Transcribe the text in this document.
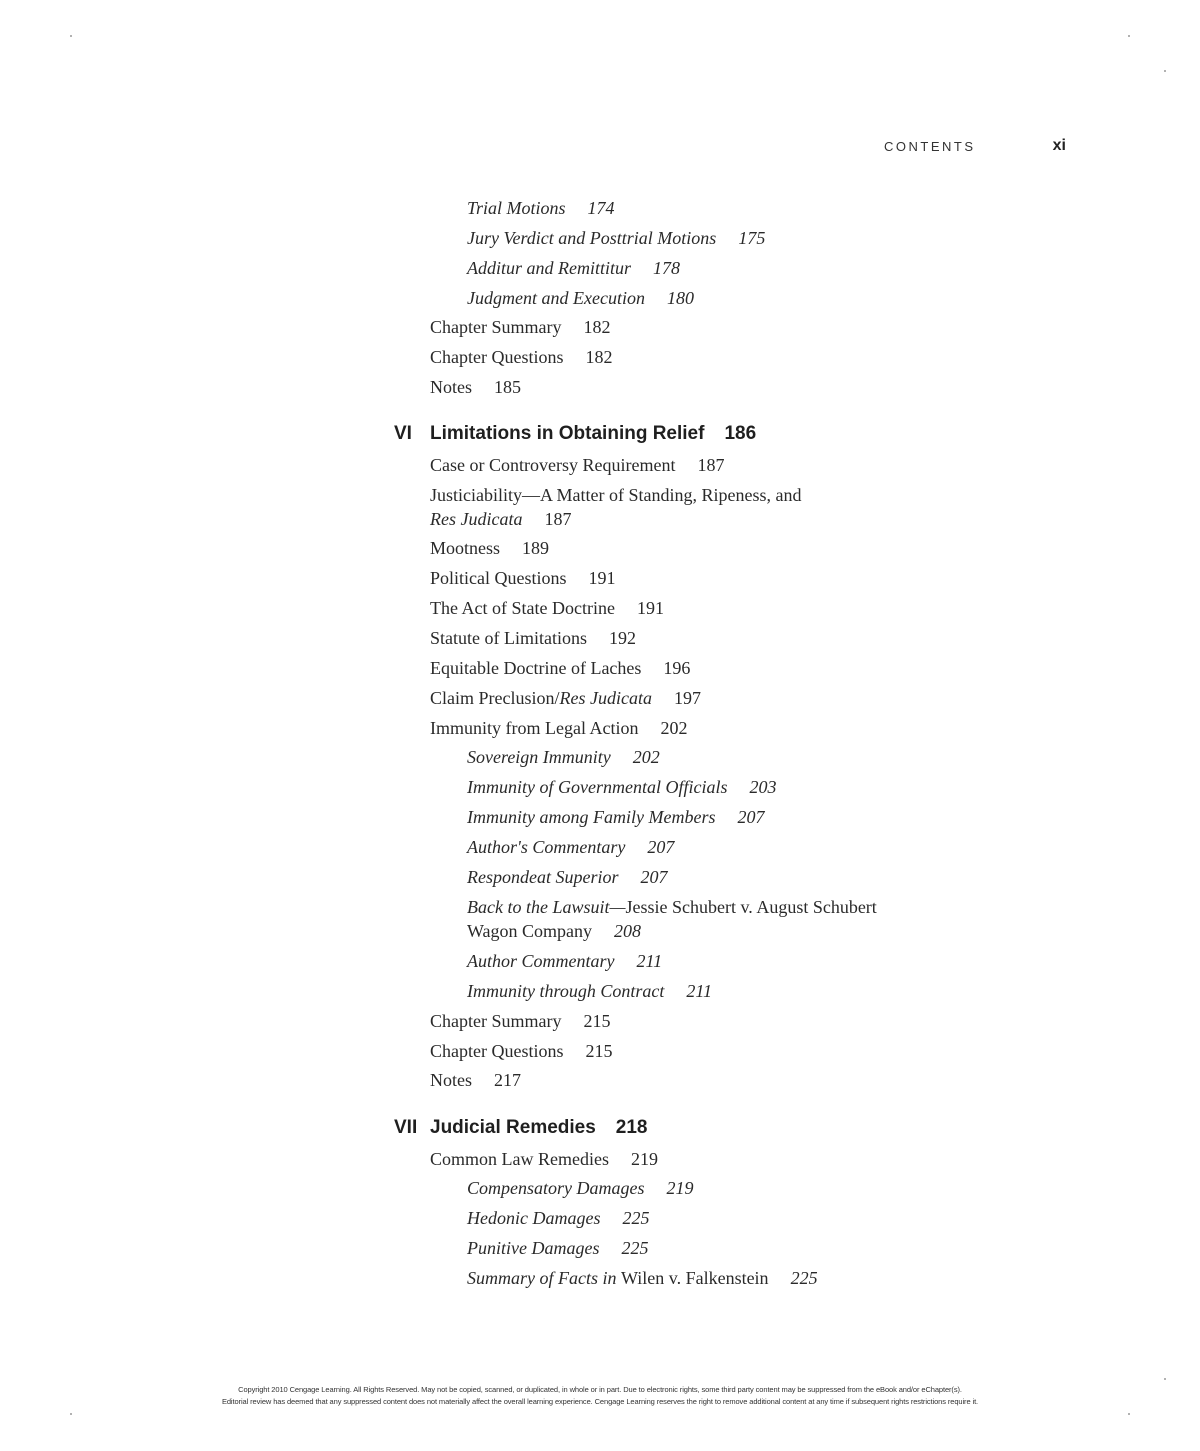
CONTENTS	xi
Trial Motions 174
Jury Verdict and Posttrial Motions 175
Additur and Remittitur 178
Judgment and Execution 180
Chapter Summary 182
Chapter Questions 182
Notes 185
VI Limitations in Obtaining Relief 186
Case or Controversy Requirement 187
Justiciability—A Matter of Standing, Ripeness, and
Res Judicata 187
Mootness 189
Political Questions 191
The Act of State Doctrine 191
Statute of Limitations 192
Equitable Doctrine of Laches 196
Claim Preclusion/Res Judicata 197
Immunity from Legal Action 202
Sovereign Immunity 202
Immunity of Governmental Officials 203
Immunity among Family Members 207
Author's Commentary 207
Respondeat Superior 207
Back to the Lawsuit—Jessie Schubert v. August Schubert
Wagon Company 208
Author Commentary 211
Immunity through Contract 211
Chapter Summary 215
Chapter Questions 215
Notes 217
VII Judicial Remedies 218
Common Law Remedies 219
Compensatory Damages 219
Hedonic Damages 225
Punitive Damages 225
Summary of Facts in Wilen v. Falkenstein 225
Copyright 2010 Cengage Learning. All Rights Reserved. May not be copied, scanned, or duplicated, in whole or in part. Due to electronic rights, some third party content may be suppressed from the eBook and/or eChapter(s).
Editorial review has deemed that any suppressed content does not materially affect the overall learning experience. Cengage Learning reserves the right to remove additional content at any time if subsequent rights restrictions require it.
